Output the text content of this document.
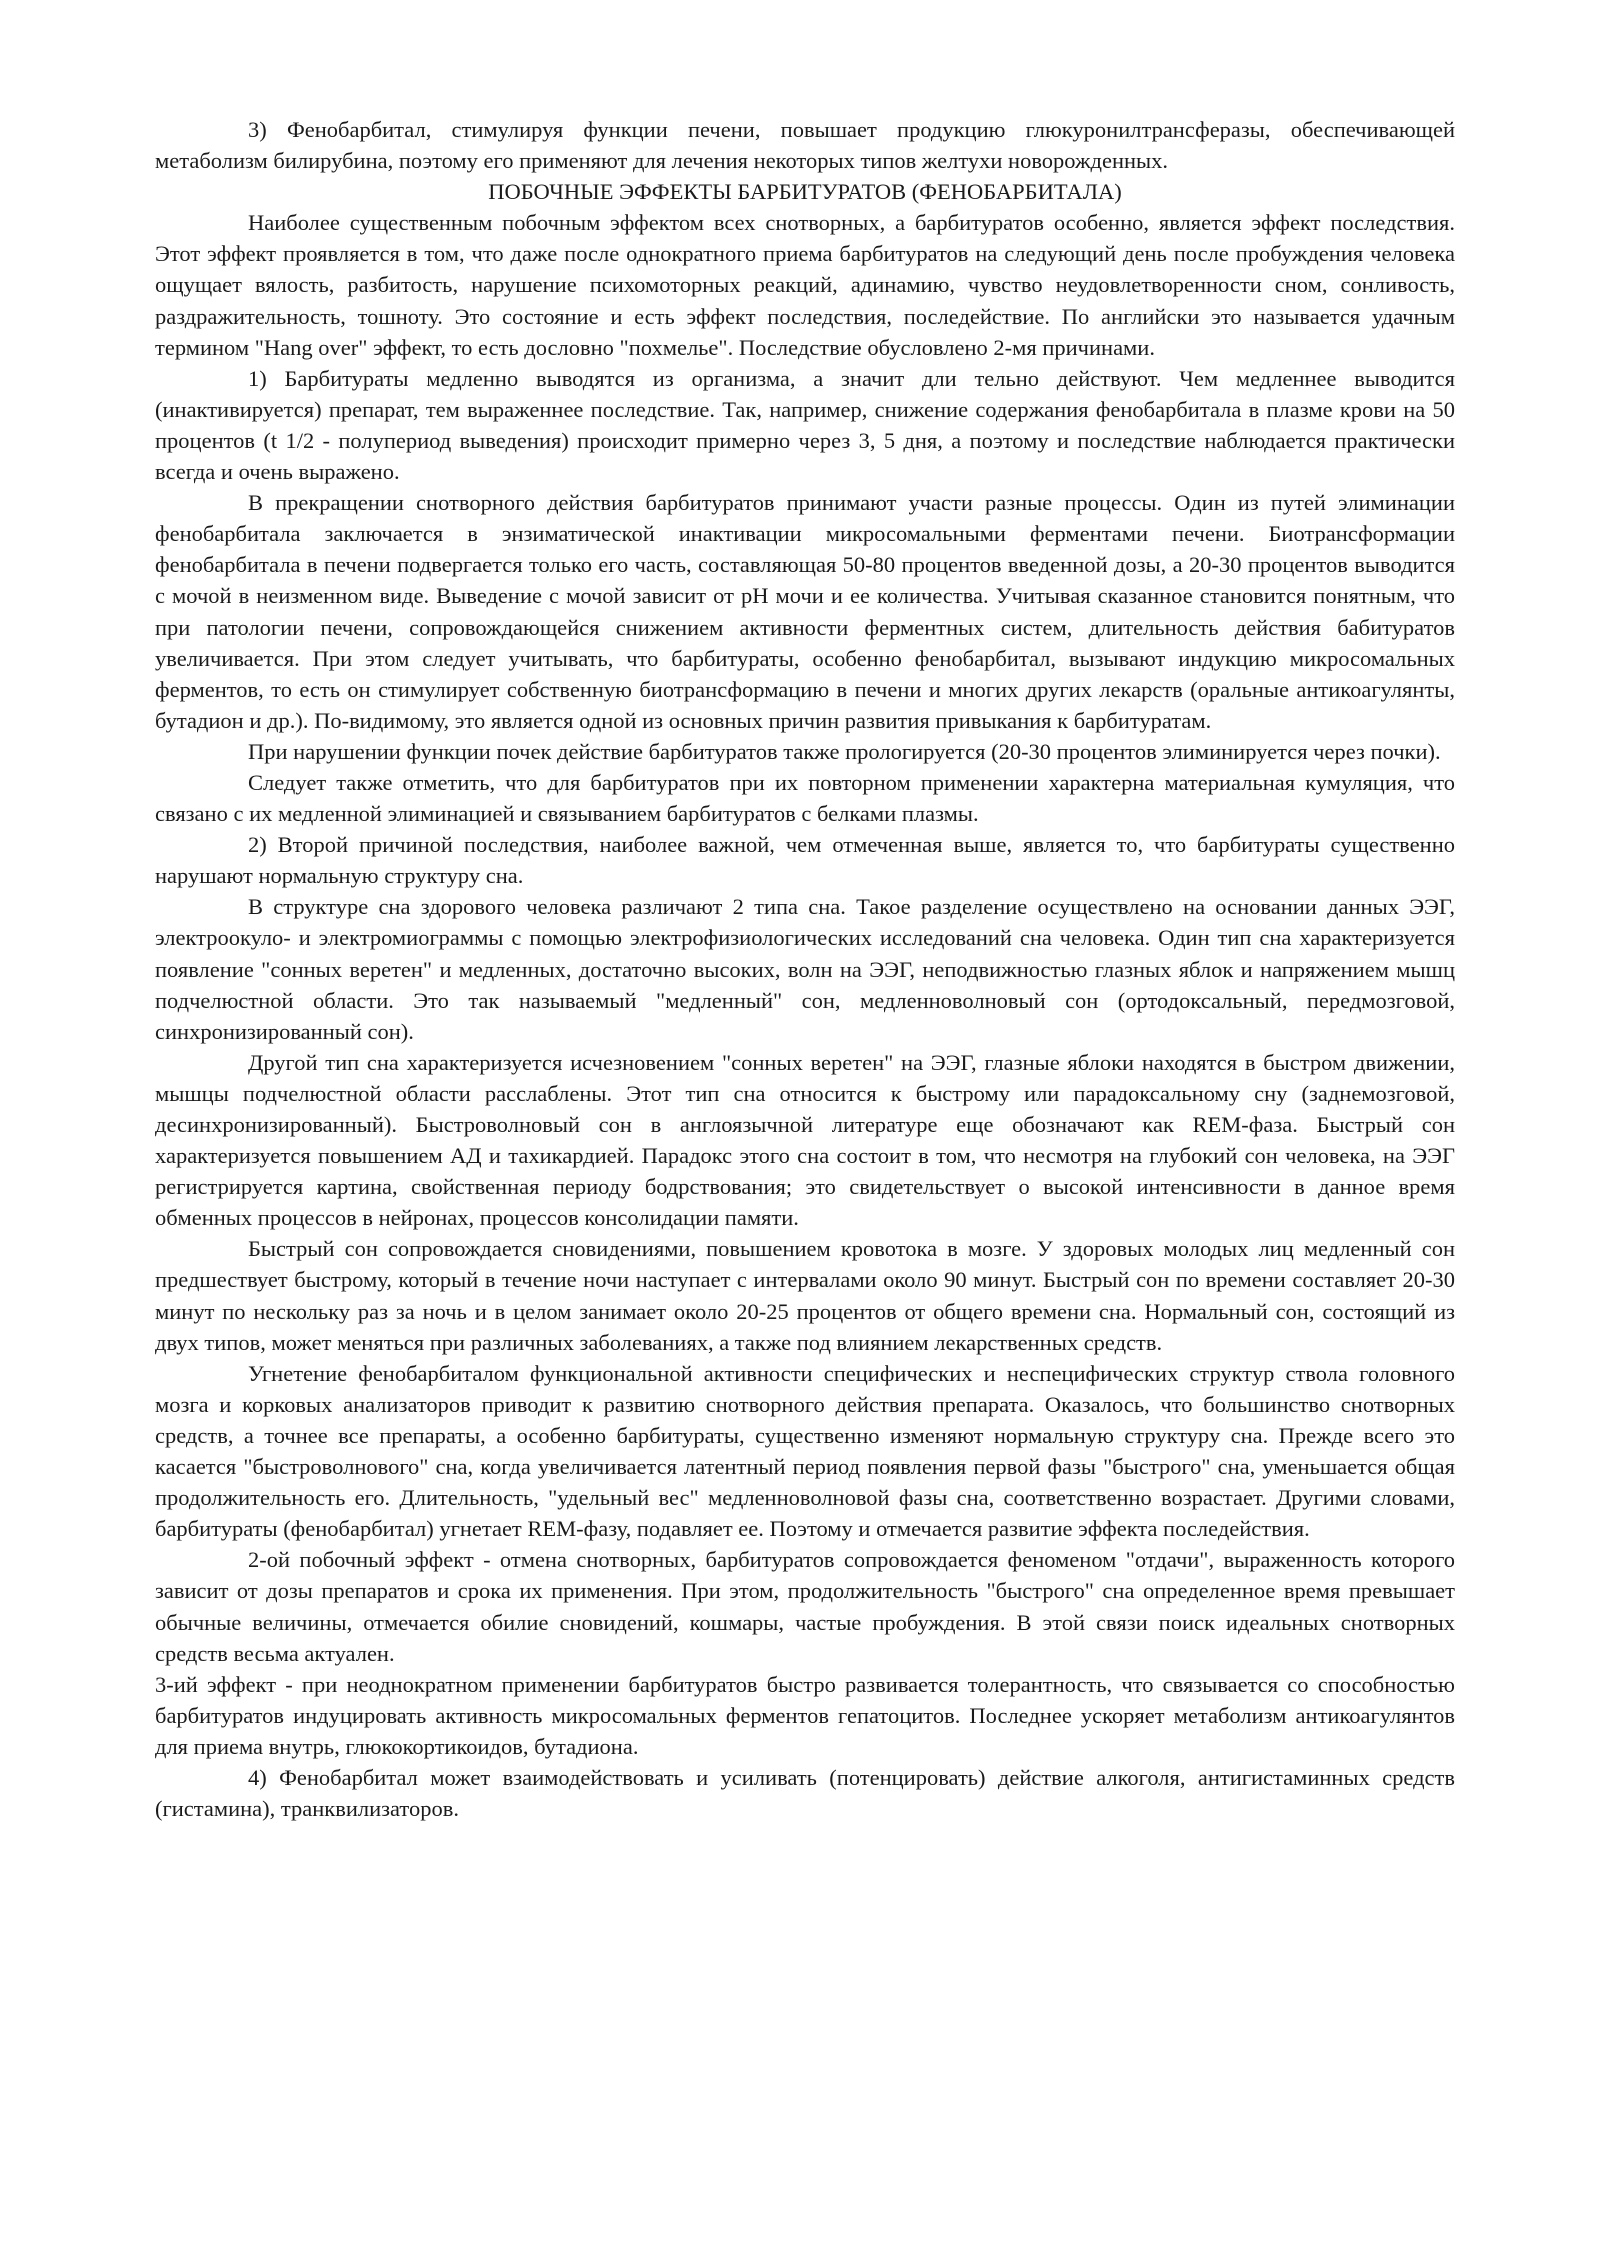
3) Фенобарбитал, стимулируя функции печени, повышает продукцию глюкуронилтрансферазы, обеспечивающей метаболизм билирубина, поэтому его применяют для лечения некоторых типов желтухи новорожденных.

ПОБОЧНЫЕ ЭФФЕКТЫ БАРБИТУРАТОВ (ФЕНОБАРБИТАЛА)

Наиболее существенным побочным эффектом всех снотворных, а барбитуратов особенно, является эффект последствия. Этот эффект проявляется в том, что даже после однократного приема барбитуратов на следующий день после пробуждения человека ощущает вялость, разбитость, нарушение психомоторных реакций, адинамию, чувство неудовлетворенности сном, сонливость, раздражительность, тошноту. Это состояние и есть эффект последствия, последействие. По английски это называется удачным термином "Hang over" эффект, то есть дословно "похмелье". Последствие обусловлено 2-мя причинами.

1) Барбитураты медленно выводятся из организма, а значит дли тельно действуют. Чем медленнее выводится (инактивируется) препарат, тем выраженнее последствие. Так, например, снижение содержания фенобарбитала в плазме крови на 50 процентов (t 1/2 - полупериод выведения) происходит примерно через 3, 5 дня, а поэтому и последствие наблюдается практически всегда и очень выражено.

В прекращении снотворного действия барбитуратов принимают участи разные процессы. Один из путей элиминации фенобарбитала заключается в энзиматической инактивации микросомальными ферментами печени. Биотрансформации фенобарбитала в печени подвергается только его часть, составляющая 50-80 процентов введенной дозы, а 20-30 процентов выводится с мочой в неизменном виде. Выведение с мочой зависит от pH мочи и ее количества. Учитывая сказанное становится понятным, что при патологии печени, сопровождающейся снижением активности ферментных систем, длительность действия бабитуратов увеличивается. При этом следует учитывать, что барбитураты, особенно фенобарбитал, вызывают индукцию микросомальных ферментов, то есть он стимулирует собственную биотрансформацию в печени и многих других лекарств (оральные антикоагулянты, бутадион и др.). По-видимому, это является одной из основных причин развития привыкания к барбитуратам.

При нарушении функции почек действие барбитуратов также прологируется (20-30 процентов элиминируется через почки).

Следует также отметить, что для барбитуратов при их повторном применении характерна материальная кумуляция, что связано с их медленной элиминацией и связыванием барбитуратов с белками плазмы.

2) Второй причиной последствия, наиболее важной, чем отмеченная выше, является то, что барбитураты существенно нарушают нормальную структуру сна.

В структуре сна здорового человека различают 2 типа сна. Такое разделение осуществлено на основании данных ЭЭГ, электроокуло- и электромиограммы с помощью электрофизиологических исследований сна человека. Один тип сна характеризуется появление "сонных веретен" и медленных, достаточно высоких, волн на ЭЭГ, неподвижностью глазных яблок и напряжением мышц подчелюстной области. Это так называемый "медленный" сон, медленноволновый сон (ортодоксальный, передмозговой, синхронизированный сон).

Другой тип сна характеризуется исчезновением "сонных веретен" на ЭЭГ, глазные яблоки находятся в быстром движении, мышцы подчелюстной области расслаблены. Этот тип сна относится к быстрому или парадоксальному сну (заднемозговой, десинхронизированный). Быстроволновый сон в англоязычной литературе еще обозначают как REM-фаза. Быстрый сон характеризуется повышением АД и тахикардией. Парадокс этого сна состоит в том, что несмотря на глубокий сон человека, на ЭЭГ регистрируется картина, свойственная периоду бодрствования; это свидетельствует о высокой интенсивности в данное время обменных процессов в нейронах, процессов консолидации памяти.

Быстрый сон сопровождается сновидениями, повышением кровотока в мозге. У здоровых молодых лиц медленный сон предшествует быстрому, который в течение ночи наступает с интервалами около 90 минут. Быстрый сон по времени составляет 20-30 минут по нескольку раз за ночь и в целом занимает около 20-25 процентов от общего времени сна. Нормальный сон, состоящий из двух типов, может меняться при различных заболеваниях, а также под влиянием лекарственных средств.

Угнетение фенобарбиталом функциональной активности специфических и неспецифических структур ствола головного мозга и корковых анализаторов приводит к развитию снотворного действия препарата. Оказалось, что большинство снотворных средств, а точнее все препараты, а особенно барбитураты, существенно изменяют нормальную структуру сна. Прежде всего это касается "быстроволнового" сна, когда увеличивается латентный период появления первой фазы "быстрого" сна, уменьшается общая продолжительность его. Длительность, "удельный вес" медленноволновой фазы сна, соответственно возрастает. Другими словами, барбитураты (фенобарбитал) угнетает REM-фазу, подавляет ее. Поэтому и отмечается развитие эффекта последействия.

2-ой побочный эффект - отмена снотворных, барбитуратов сопровождается феноменом "отдачи", выраженность которого зависит от дозы препаратов и срока их применения. При этом, продолжительность "быстрого" сна определенное время превышает обычные величины, отмечается обилие сновидений, кошмары, частые пробуждения. В этой связи поиск идеальных снотворных средств весьма актуален.

3-ий эффект - при неоднократном применении барбитуратов быстро развивается толерантность, что связывается со способностью барбитуратов индуцировать активность микросомальных ферментов гепатоцитов. Последнее ускоряет метаболизм антикоагулянтов для приема внутрь, глюкокортикоидов, бутадиона.

4) Фенобарбитал может взаимодействовать и усиливать (потенцировать) действие алкоголя, антигистаминных средств (гистамина), транквилизаторов.
